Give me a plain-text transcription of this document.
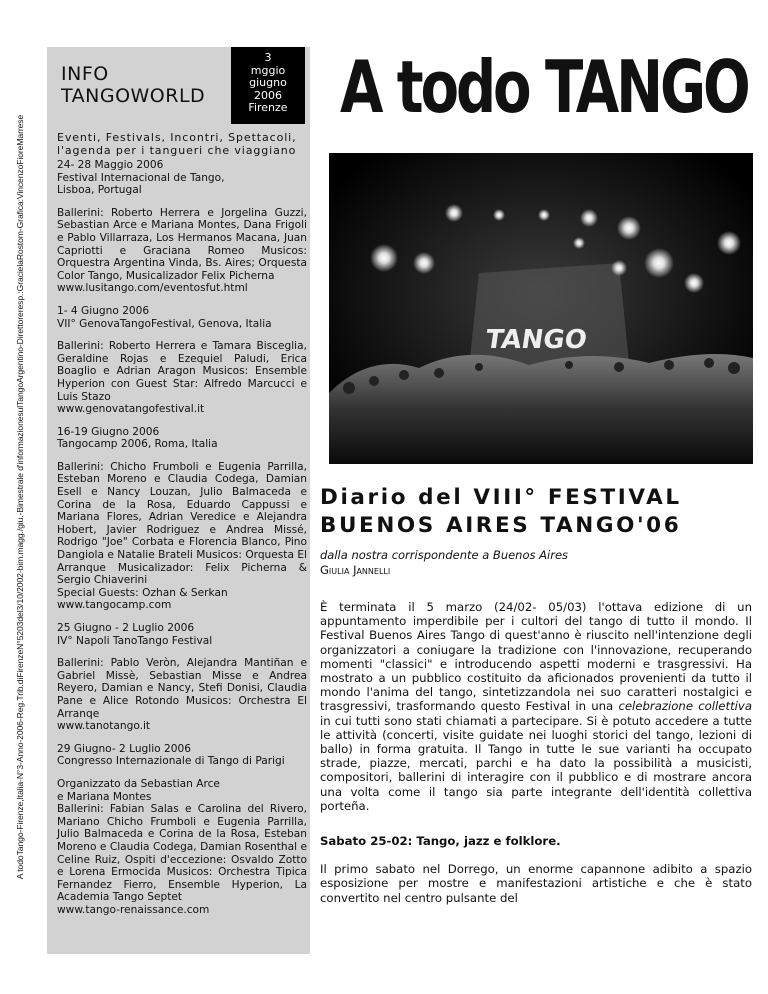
A todoTango-Firenze,Italia-N°3-Anno-2006-Reg.Trib.diFirenzeN°5203del3/10/2002-bim.magg./giu.-Bimestrale d'informazionesulTangoArgentino-Direttoreresp.:GracielaRostom-Grafica:VincenzoFioreMarrese
INFO
TANGOWORLD
3
mggio
giugno
2006
Firenze
Eventi, Festivals, Incontri, Spettacoli, l'agenda per i tangueri che viaggiano
24- 28 Maggio 2006
Festival Internacional de Tango,
Lisboa, Portugal
Ballerini: Roberto Herrera e Jorgelina Guzzi, Sebastian Arce e Mariana Montes, Dana Frigoli e Pablo Villarraza, Los Hermanos Macana, Juan Capriotti e Graciana Romeo Musicos: Orquestra Argentina Vinda, Bs. Aires; Orquesta Color Tango, Musicalizador Felix Picherna
www.lusitango.com/eventosfut.html
1- 4 Giugno 2006
VII° GenovaTangoFestival, Genova, Italia
Ballerini: Roberto Herrera e Tamara Bisceglia, Geraldine Rojas e Ezequiel Paludi, Erica Boaglio e Adrian Aragon Musicos: Ensemble Hyperion con Guest Star: Alfredo Marcucci e Luis Stazo
www.genovatangofestival.it
16-19 Giugno 2006
Tangocamp 2006, Roma, Italia
Ballerini: Chicho Frumboli e Eugenia Parrilla, Esteban Moreno e Claudia Codega, Damian Esell e Nancy Louzan, Julio Balmaceda e Corina de la Rosa, Eduardo Cappussi e Mariana Flores, Adrian Veredice e Alejandra Hobert, Javier Rodriguez e Andrea Missé, Rodrigo "Joe" Corbata e Florencia Blanco, Pino Dangiola e Natalie Brateli Musicos: Orquesta El Arranque Musicalizador: Felix Picherna & Sergio Chiaverini
Special Guests: Ozhan & Serkan
www.tangocamp.com
25 Giugno - 2 Luglio 2006
IV° Napoli TanoTango Festival
Ballerini: Pablo Veròn, Alejandra Mantiñan e Gabriel Missè, Sebastian Misse e Andrea Reyero, Damian e Nancy, Stefi Donisi, Claudia Pane e Alice Rotondo Musicos: Orchestra El Arranqe
www.tanotango.it
29 Giugno- 2 Luglio 2006
Congresso Internazionale di Tango di Parigi
Organizzato da Sebastian Arce
e Mariana Montes
Ballerini: Fabian Salas e Carolina del Rivero, Mariano Chicho Frumboli e Eugenia Parrilla, Julio Balmaceda e Corina de la Rosa, Esteban Moreno e Claudia Codega, Damian Rosenthal e Celine Ruiz, Ospiti d'eccezione: Osvaldo Zotto e Lorena Ermocida Musicos: Orchestra Tipica Fernandez Fierro, Ensemble Hyperion, La Academia Tango Septet
www.tango-renaissance.com
A todo TANGO
TANGO
Diario del VIII° FESTIVAL
BUENOS AIRES TANGO'06
dalla nostra corrispondente a Buenos Aires
Giulia Jannelli

È terminata il 5 marzo (24/02- 05/03) l'ottava edizione di un appuntamento imperdibile per i cultori del tango di tutto il mondo. Il Festival Buenos Aires Tango di quest'anno è riuscito nell'intenzione degli organizzatori a coniugare la tradizione con l'innovazione, recuperando momenti "classici" e introducendo aspetti moderni e trasgressivi. Ha mostrato a un pubblico costituito da aficionados provenienti da tutto il mondo l'anima del tango, sintetizzandola nei suo caratteri nostalgici e trasgressivi, trasformando questo Festival in una celebrazione collettiva in cui tutti sono stati chiamati a partecipare. Si è potuto accedere a tutte le attività (concerti, visite guidate nei luoghi storici del tango, lezioni di ballo) in forma gratuita. Il Tango in tutte le sue varianti ha occupato strade, piazze, mercati, parchi e ha dato la possibilità a musicisti, compositori, ballerini di interagire con il pubblico e di mostrare ancora una volta come il tango sia parte integrante dell'identità collettiva porteña.

Sabato 25-02: Tango, jazz e folklore.

Il primo sabato nel Dorrego, un enorme capannone adibito a spazio esposizione per mostre e manifestazioni artistiche e che è stato convertito nel centro pulsante del
